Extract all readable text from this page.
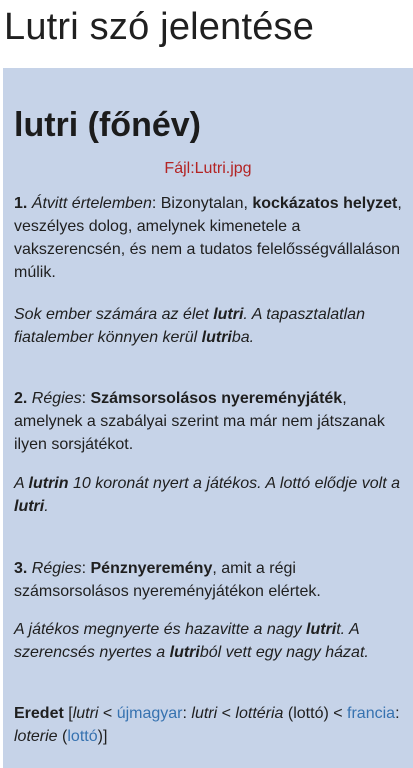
Lutri szó jelentése
lutri (főnév)
Fájl:Lutri.jpg
1. Átvitt értelemben: Bizonytalan, kockázatos helyzet, veszélyes dolog, amelynek kimenetele a vakszerencsén, és nem a tudatos felelősségvállaláson múlik.
Sok ember számára az élet lutri. A tapasztalatlan fiatalember könnyen kerül lutriba.
2. Régies: Számsorsolásos nyereményjáték, amelynek a szabályai szerint ma már nem játszanak ilyen sorsjátékot.
A lutrin 10 koronát nyert a játékos. A lottó elődje volt a lutri.
3. Régies: Pénznyeremény, amit a régi számsorsolásos nyereményjátékon elértek.
A játékos megnyerte és hazavitte a nagy lutrit. A szerencsés nyertes a lutriból vett egy nagy házat.
Eredet [lutri < újmagyar: lutri < lottéria (lottó) < francia: loterie (lottó)]
